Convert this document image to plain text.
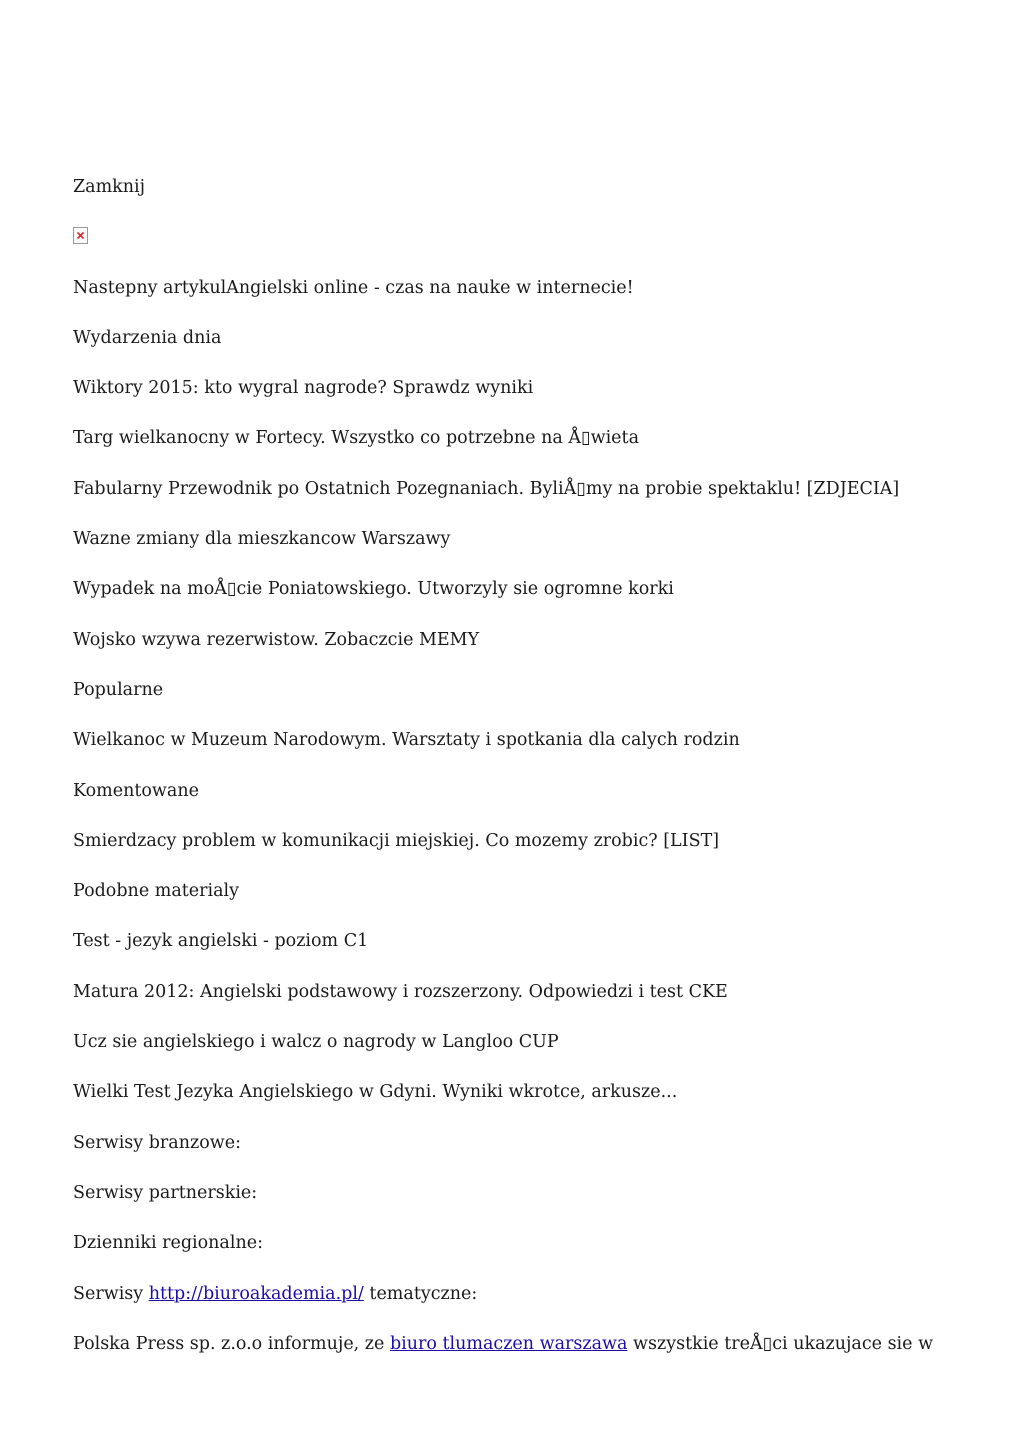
Zamknij
Nastepny artykulAngielski online - czas na nauke w internecie!
Wydarzenia dnia
Wiktory 2015: kto wygral nagrode? Sprawdz wyniki
Targ wielkanocny w Fortecy. Wszystko co potrzebne na Å▯wieta
Fabularny Przewodnik po Ostatnich Pozegnaniach. ByliÅ▯my na probie spektaklu! [ZDJECIA]
Wazne zmiany dla mieszkancow Warszawy
Wypadek na moÅ▯cie Poniatowskiego. Utworzyly sie ogromne korki
Wojsko wzywa rezerwistow. Zobaczcie MEMY
Popularne
Wielkanoc w Muzeum Narodowym. Warsztaty i spotkania dla calych rodzin
Komentowane
Smierdzacy problem w komunikacji miejskiej. Co mozemy zrobic? [LIST]
Podobne materialy
Test - jezyk angielski - poziom C1
Matura 2012: Angielski podstawowy i rozszerzony. Odpowiedzi i test CKE
Ucz sie angielskiego i walcz o nagrody w Langloo CUP
Wielki Test Jezyka Angielskiego w Gdyni. Wyniki wkrotce, arkusze...
Serwisy branzowe:
Serwisy partnerskie:
Dzienniki regionalne:
Serwisy http://biuroakademia.pl/ tematyczne:
Polska Press sp. z.o.o informuje, ze biuro tlumaczen warszawa wszystkie treÅ▯ci ukazujace sie w
